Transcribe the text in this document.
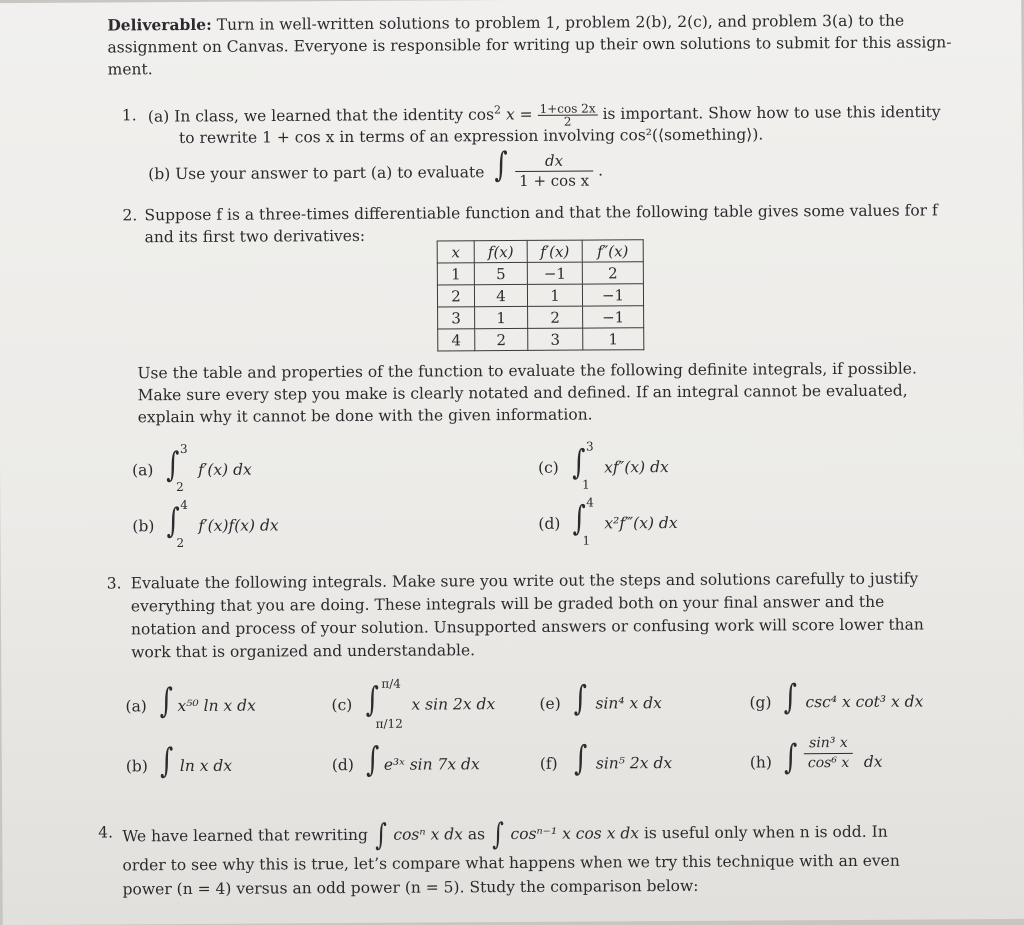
Deliverable: Turn in well-written solutions to problem 1, problem 2(b), 2(c), and problem 3(a) to the
assignment on Canvas. Everyone is responsible for writing up their own solutions to submit for this assign-
ment.
1. (a) In class, we learned that the identity $\cos^2 x = \frac{1+\cos 2x}{2}$ is important. Show how to use this identity
to rewrite 1 + cos x in terms of an expression involving cos²(⟨something⟩).
(b) Use your answer to part (a) to evaluate ∫ $\frac{dx}{\text{1 + cos x}}$ .
2. Suppose f is a three-times differentiable function and that the following table gives some values for f
and its first two derivatives:
x	f(x)	f′(x)	f″(x)
1	5	−1	2
2	4	1	−1
3	1	2	−1
4	2	3	1
Use the table and properties of the function to evaluate the following definite integrals, if possible.
Make sure every step you make is clearly notated and defined. If an integral cannot be evaluated,
explain why it cannot be done with the given information.
(a) ∫ 3
2
f′(x) dx
(b) ∫ 4
2
f′(x)f(x) dx
(c) ∫ 3
1
xf″(x) dx
(d) ∫ 4
1
x²f‴(x) dx
3. Evaluate the following integrals. Make sure you write out the steps and solutions carefully to justify
everything that you are doing. These integrals will be graded both on your final answer and the
notation and process of your solution. Unsupported answers or confusing work will score lower than
work that is organized and understandable.
(a) ∫ x⁵⁰ ln x dx	(c) ∫ π/4
π/12
x sin 2x dx	(e) ∫ sin⁴ x dx	(g) ∫ csc⁴ x cot³ x dx
(b) ∫ ln x dx	(d) ∫ e³ˣ sin 7x dx	(f) ∫ sin⁵ 2x dx	(h) ∫ $\frac{\text{sin³ x}}{\text{cos⁶ x}}$ dx
4. We have learned that rewriting ∫ cosⁿ x dx as ∫ cosⁿ⁻¹ x cos x dx is useful only when n is odd. In
order to see why this is true, let’s compare what happens when we try this technique with an even
power (n = 4) versus an odd power (n = 5). Study the comparison below:
